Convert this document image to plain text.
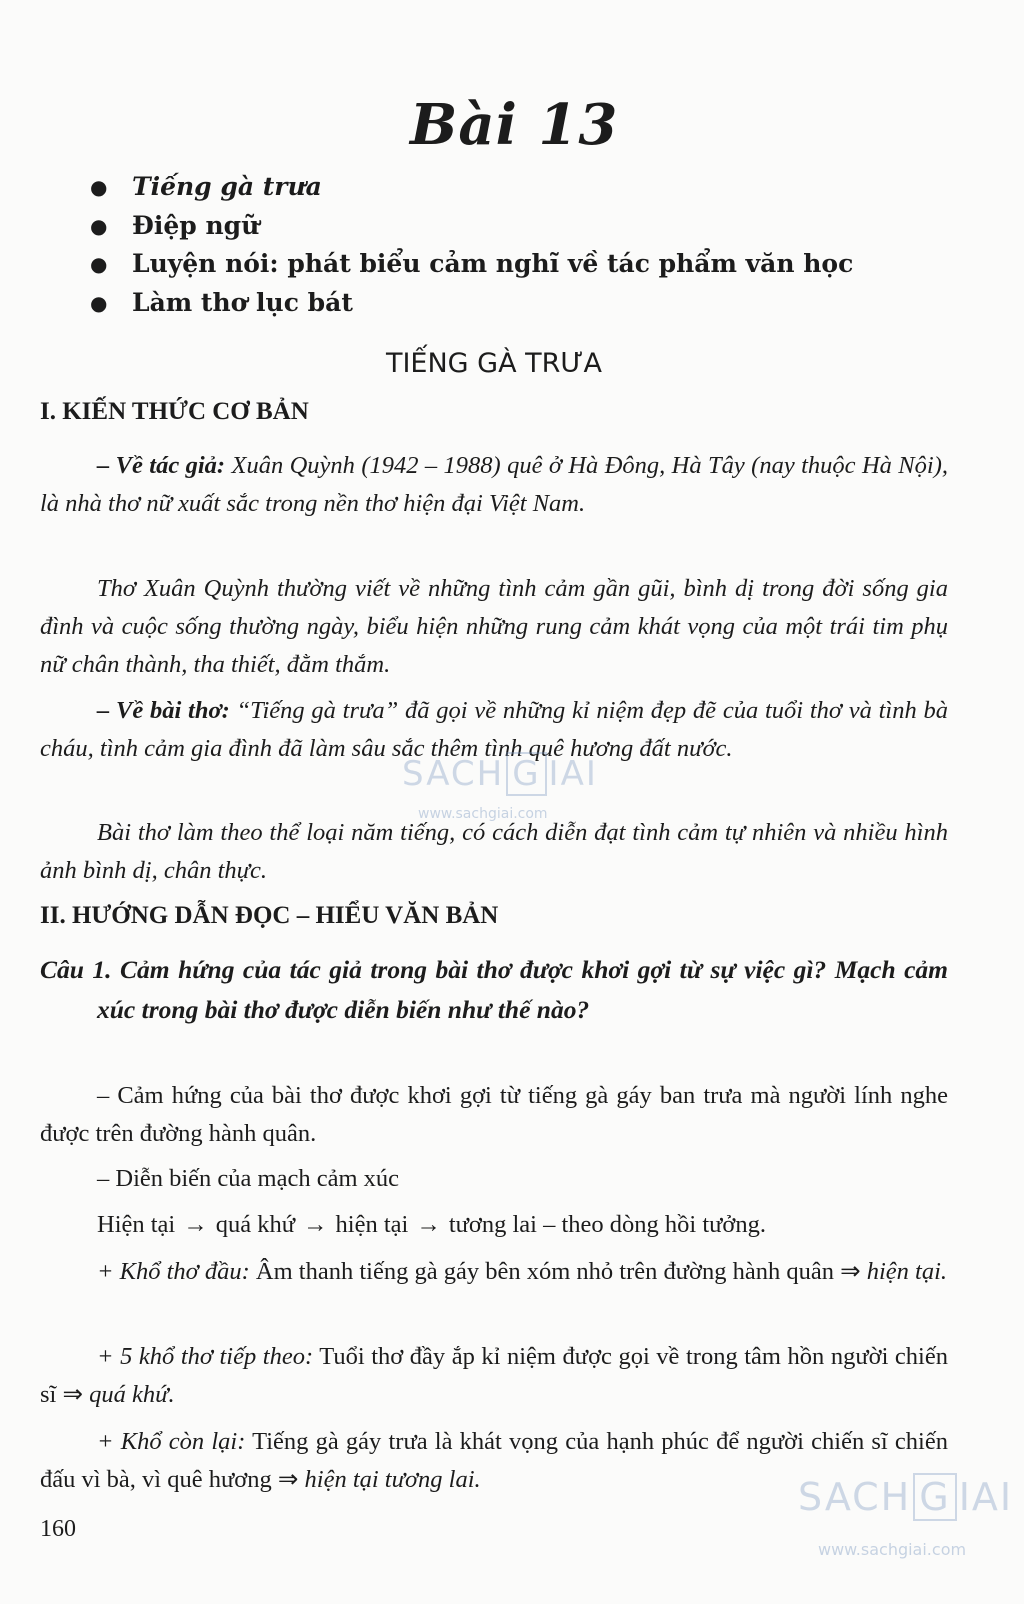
Bài 13
● Tiếng gà trưa
● Điệp ngữ
● Luyện nói: phát biểu cảm nghĩ về tác phẩm văn học
● Làm thơ lục bát
TIẾNG GÀ TRƯA
I. KIẾN THỨC CƠ BẢN

– Về tác giả: Xuân Quỳnh (1942 – 1988) quê ở Hà Đông, Hà Tây (nay thuộc Hà Nội), là nhà thơ nữ xuất sắc trong nền thơ hiện đại Việt Nam.

Thơ Xuân Quỳnh thường viết về những tình cảm gần gũi, bình dị trong đời sống gia đình và cuộc sống thường ngày, biểu hiện những rung cảm khát vọng của một trái tim phụ nữ chân thành, tha thiết, đằm thắm.

– Về bài thơ: “Tiếng gà trưa” đã gọi về những kỉ niệm đẹp đẽ của tuổi thơ và tình bà cháu, tình cảm gia đình đã làm sâu sắc thêm tình quê hương đất nước.

Bài thơ làm theo thể loại năm tiếng, có cách diễn đạt tình cảm tự nhiên và nhiều hình ảnh bình dị, chân thực.

II. HƯỚNG DẪN ĐỌC – HIỂU VĂN BẢN

Câu 1. Cảm hứng của tác giả trong bài thơ được khơi gợi từ sự việc gì? Mạch cảm xúc trong bài thơ được diễn biến như thế nào?

– Cảm hứng của bài thơ được khơi gợi từ tiếng gà gáy ban trưa mà người lính nghe được trên đường hành quân.

– Diễn biến của mạch cảm xúc

Hiện tại → quá khứ → hiện tại → tương lai – theo dòng hồi tưởng.

+ Khổ thơ đầu: Âm thanh tiếng gà gáy bên xóm nhỏ trên đường hành quân ⇒ hiện tại.

+ 5 khổ thơ tiếp theo: Tuổi thơ đầy ắp kỉ niệm được gọi về trong tâm hồn người chiến sĩ ⇒ quá khứ.

+ Khổ còn lại: Tiếng gà gáy trưa là khát vọng của hạnh phúc để người chiến sĩ chiến đấu vì bà, vì quê hương ⇒ hiện tại tương lai.

160
SACH G IAI
www.sachgiai.com
SACH G IAI
www.sachgiai.com
